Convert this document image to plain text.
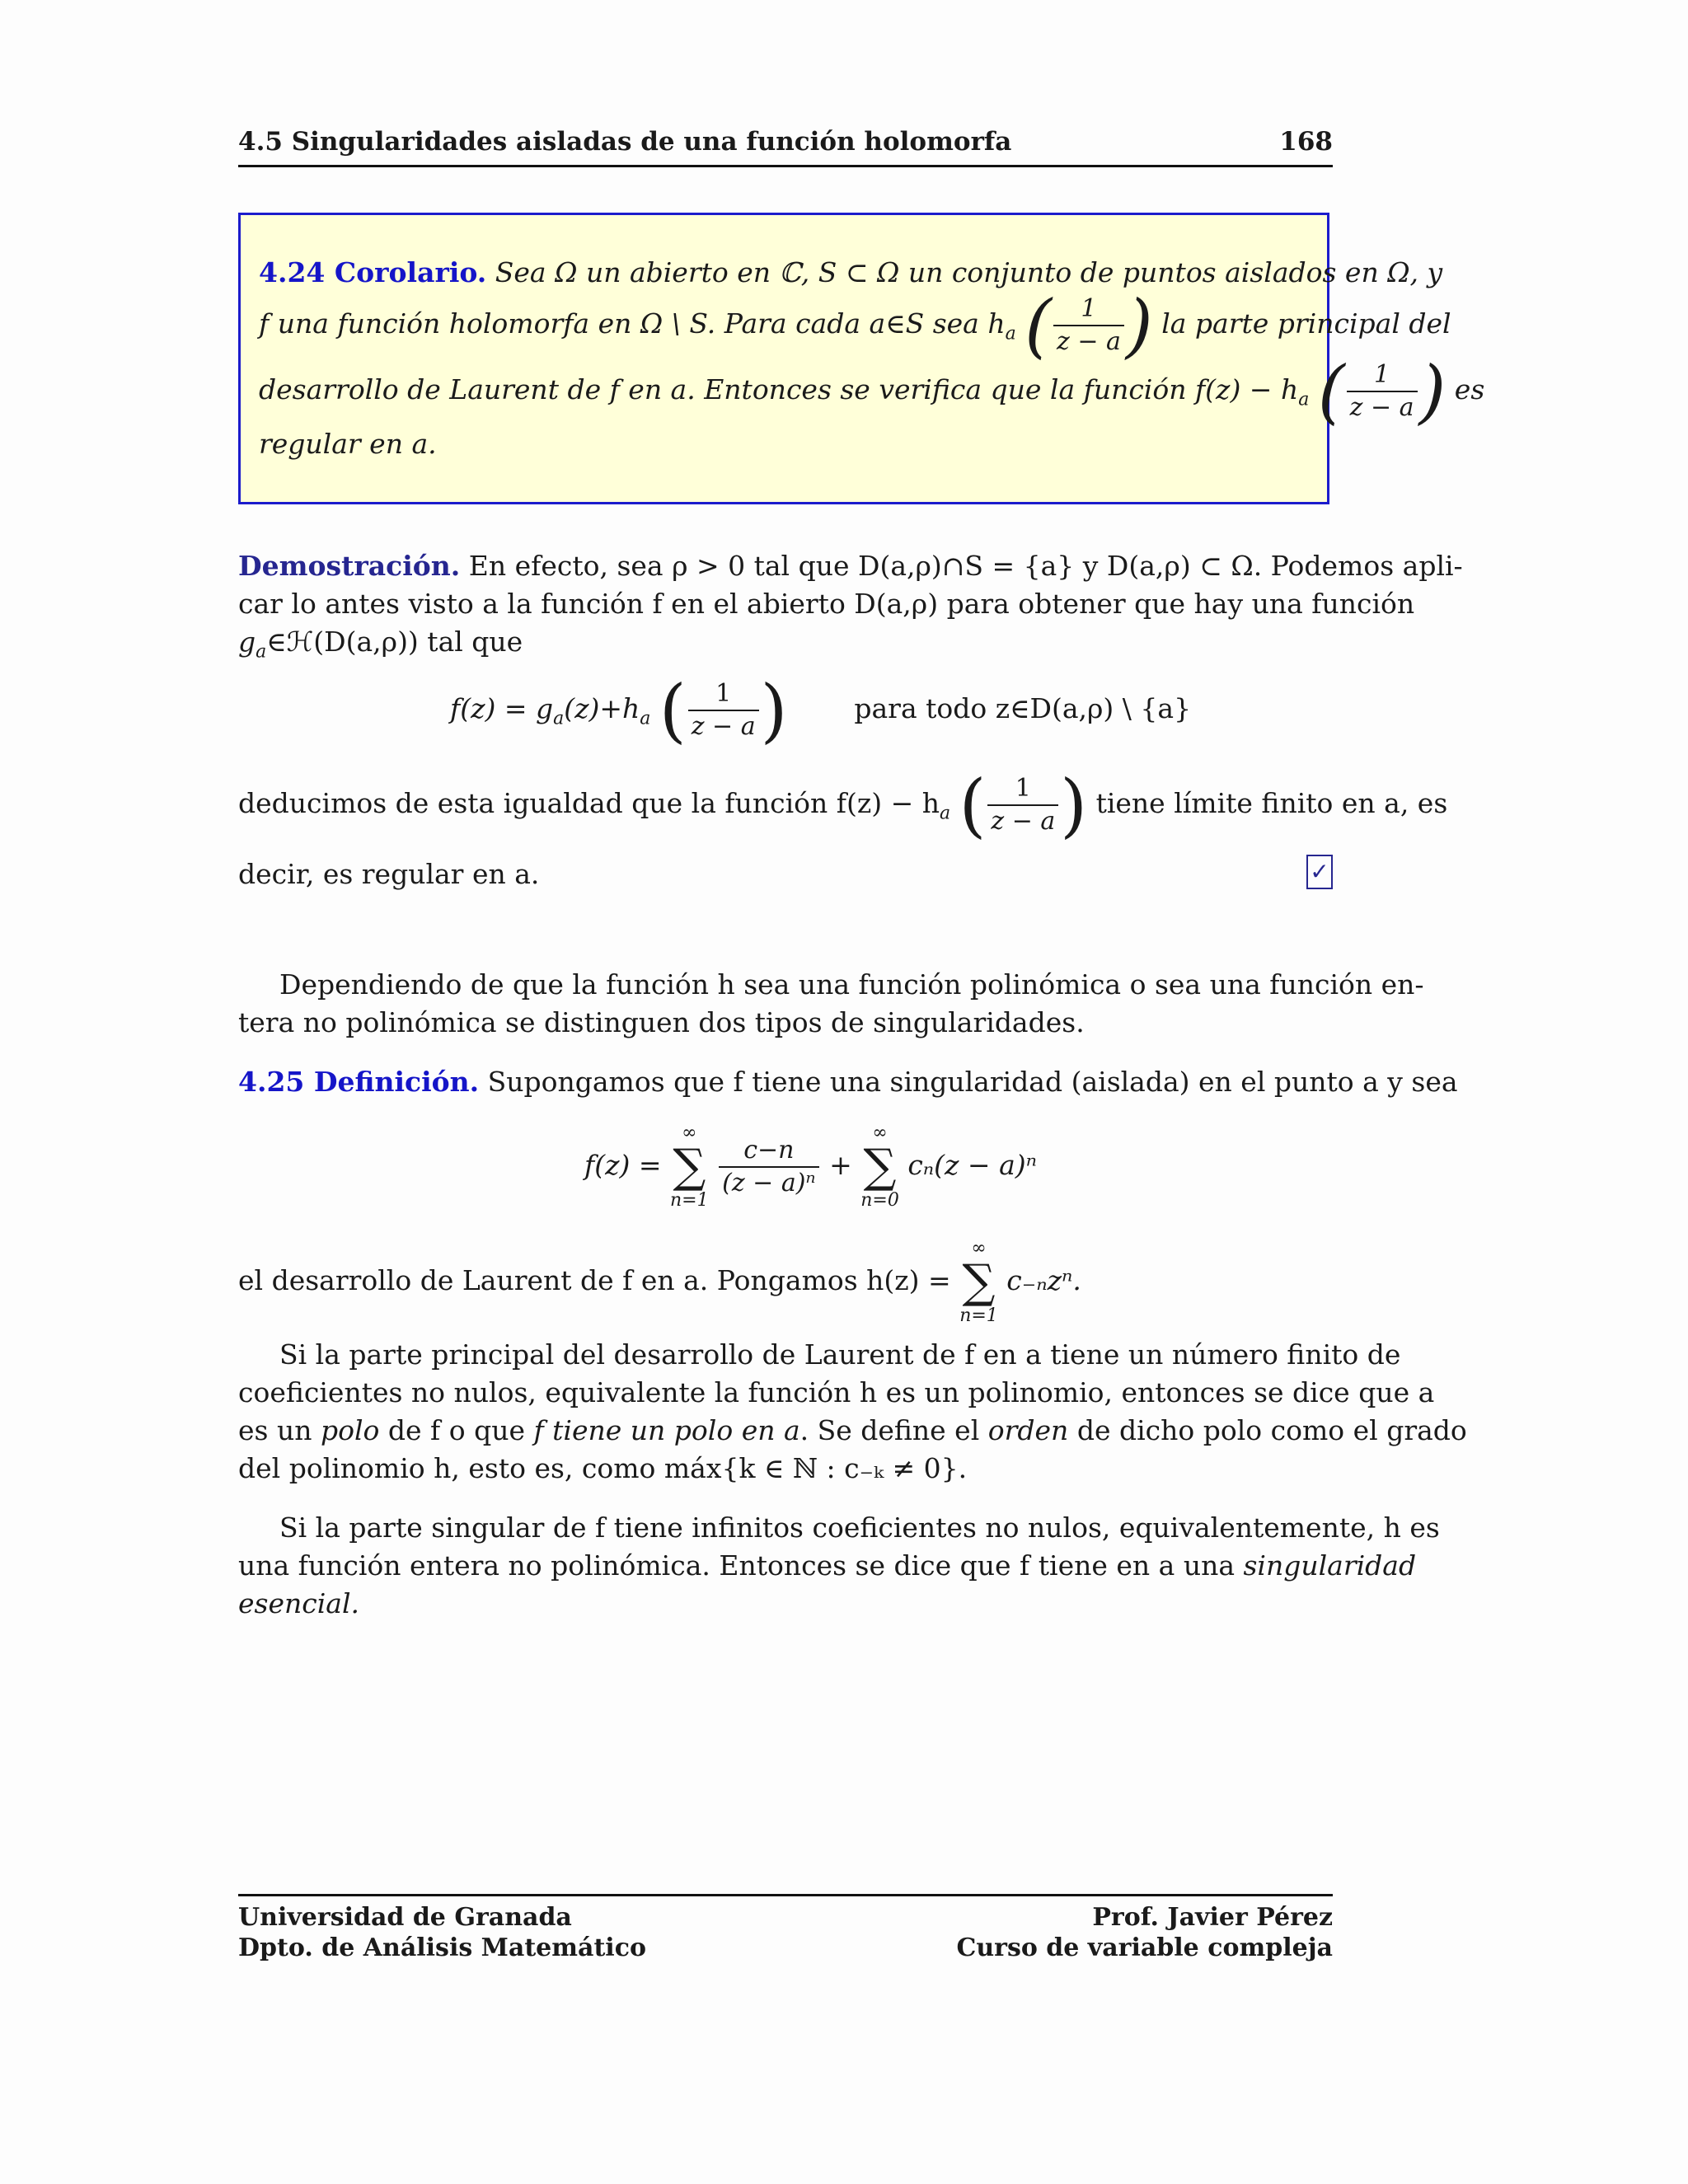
4.5 Singularidades aisladas de una función holomorfa	168
4.24 Corolario. Sea Ω un abierto en ℂ, S ⊂ Ω un conjunto de puntos aislados en Ω, y
f una función holomorfa en Ω \ S. Para cada a∈S sea $h_a$ ( $\frac{1}{z - a}$ ) la parte principal del
desarrollo de Laurent de f en a. Entonces se verifica que la función $f(z) - h_a$ ( $\frac{1}{z - a}$ ) es
regular en a.
Demostración. En efecto, sea ρ > 0 tal que D(a,ρ)∩S = {a} y D(a,ρ) ⊂ Ω. Podemos apli-
car lo antes visto a la función f en el abierto D(a,ρ) para obtener que hay una función
$g_a\in ℋ(D(a,\rho))$ tal que
$f(z) = g_a(z)+h_a$ ( $\frac{1}{z - a}$ ) para todo z∈D(a,ρ) \ {a}
deducimos de esta igualdad que la función $f(z) - h_a$ ( $\frac{1}{z - a}$ ) tiene límite finito en a, es
decir, es regular en a.	✓
Dependiendo de que la función h sea una función polinómica o sea una función en-
tera no polinómica se distinguen dos tipos de singularidades.
4.25 Definición. Supongamos que f tiene una singularidad (aislada) en el punto a y sea
f(z) = ∞
∑
n=1
$\frac{c-n}{\text{(z − a)ⁿ}}$ + ∞
∑
n=0 cₙ(z − a)ⁿ
el desarrollo de Laurent de f en a. Pongamos h(z) = ∞
∑
n=1 c₋ₙzⁿ.
Si la parte principal del desarrollo de Laurent de f en a tiene un número finito de
coeficientes no nulos, equivalente la función h es un polinomio, entonces se dice que a
es un polo de f o que f tiene un polo en a. Se define el orden de dicho polo como el grado
del polinomio h, esto es, como máx{k ∈ ℕ : c₋ₖ ≠ 0}.
Si la parte singular de f tiene infinitos coeficientes no nulos, equivalentemente, h es
una función entera no polinómica. Entonces se dice que f tiene en a una singularidad
esencial.
Universidad de Granada
Dpto. de Análisis Matemático
Prof. Javier Pérez
Curso de variable compleja
